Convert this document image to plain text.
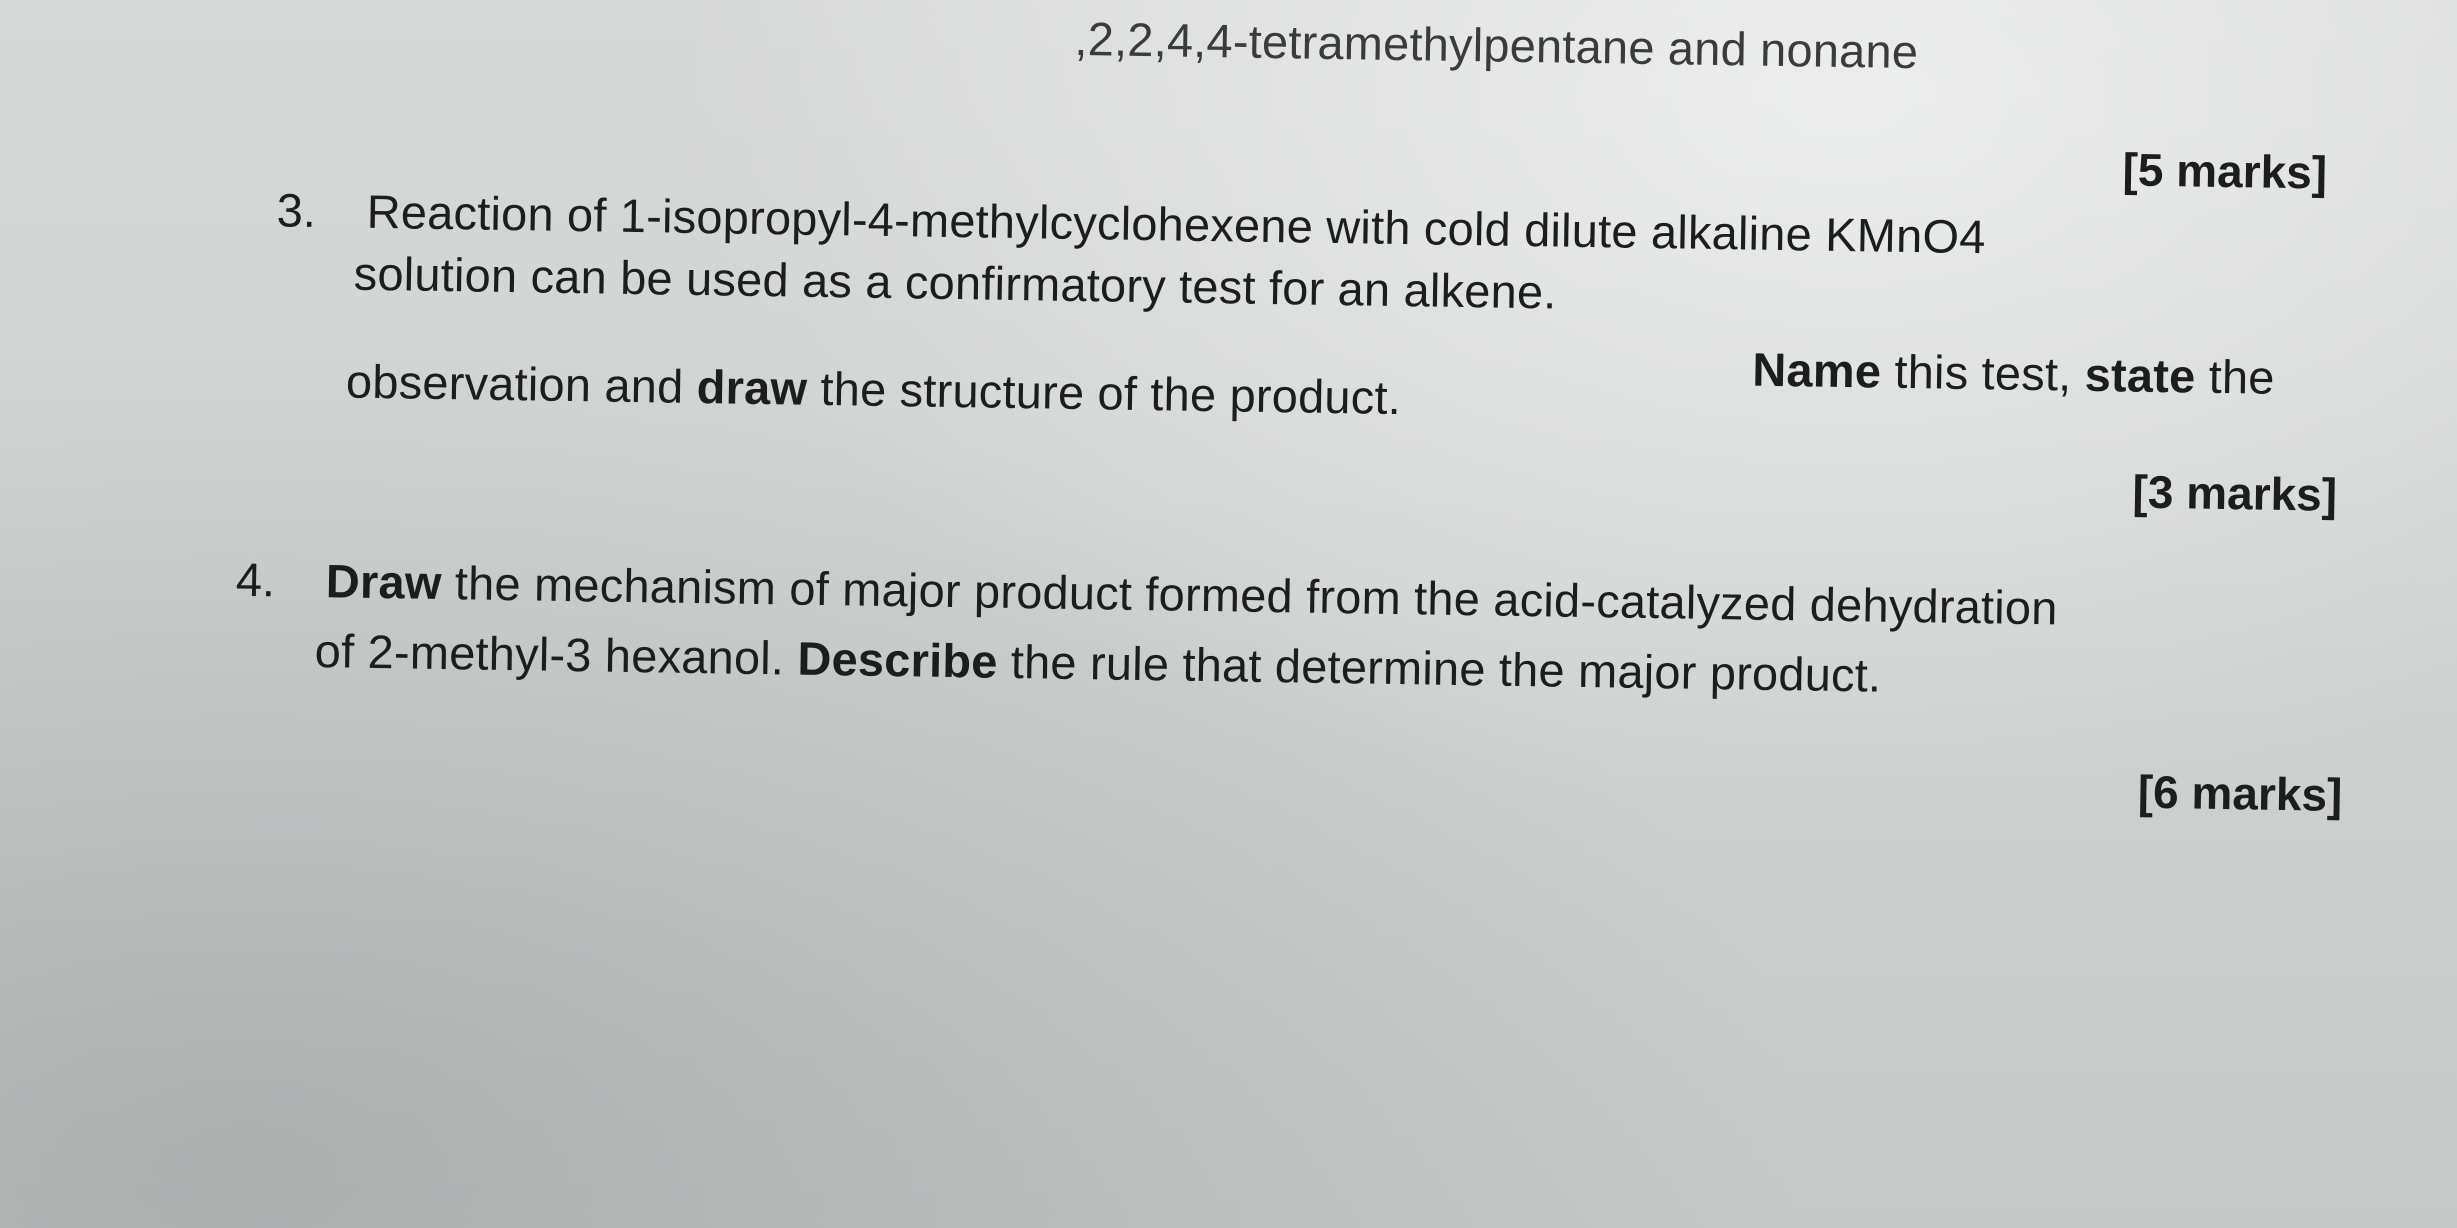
,2,2,4,4-tetramethylpentane and nonane
[5 marks]
3. Reaction of 1-isopropyl-4-methylcyclohexene with cold dilute alkaline KMnO4
solution can be used as a confirmatory test for an alkene.
Name this test, state the
observation and draw the structure of the product.
[3 marks]
4. Draw the mechanism of major product formed from the acid-catalyzed dehydration
of 2-methyl-3 hexanol. Describe the rule that determine the major product.
[6 marks]
